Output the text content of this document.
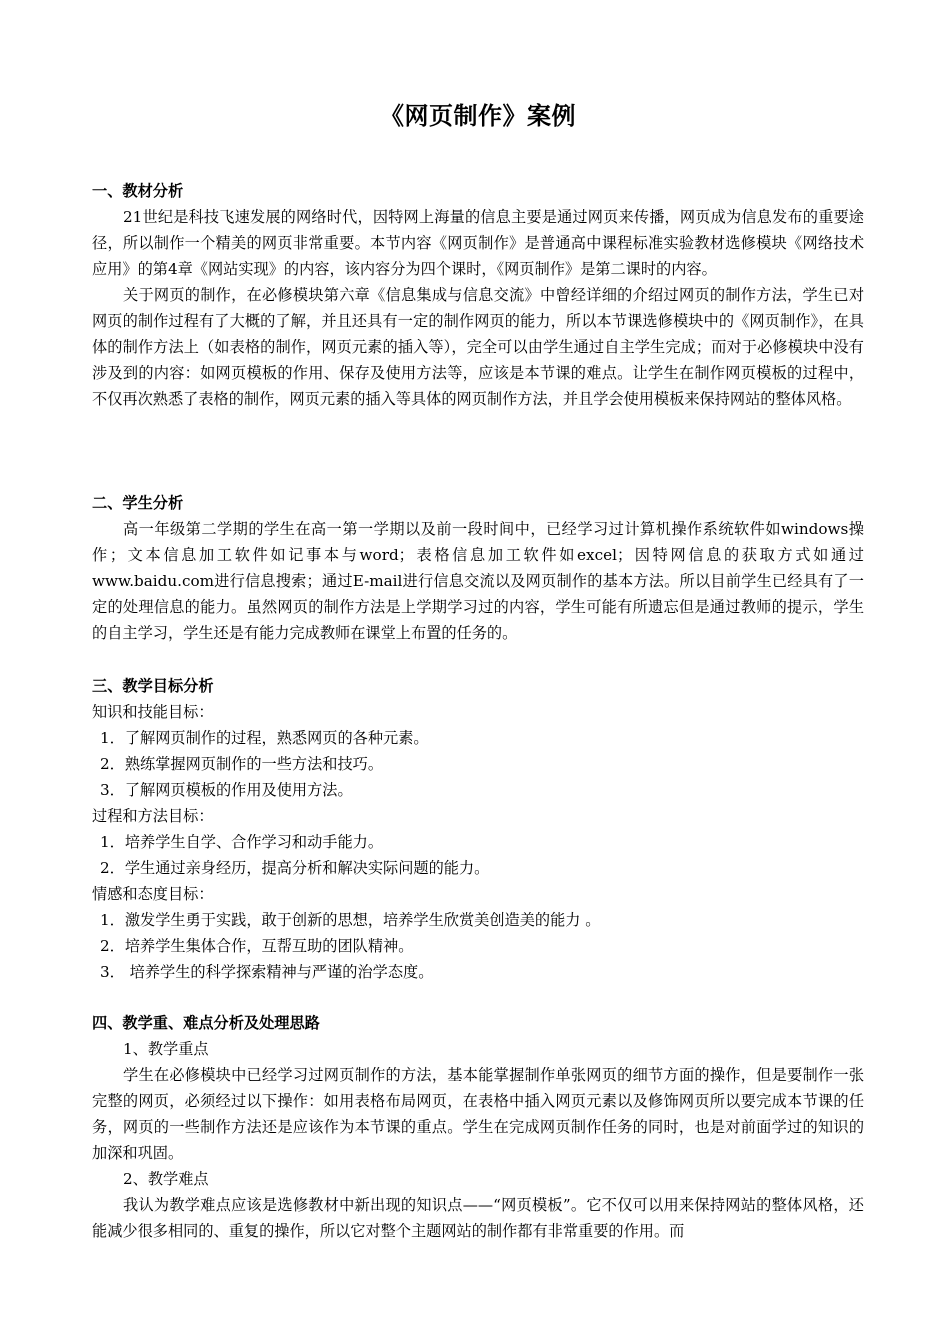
《网页制作》案例

一、教材分析

21世纪是科技飞速发展的网络时代，因特网上海量的信息主要是通过网页来传播，网页成为信息发布的重要途径，所以制作一个精美的网页非常重要。本节内容《网页制作》是普通高中课程标准实验教材选修模块《网络技术应用》的第4章《网站实现》的内容，该内容分为四个课时，《网页制作》是第二课时的内容。

关于网页的制作，在必修模块第六章《信息集成与信息交流》中曾经详细的介绍过网页的制作方法，学生已对网页的制作过程有了大概的了解，并且还具有一定的制作网页的能力，所以本节课选修模块中的《网页制作》，在具体的制作方法上（如表格的制作，网页元素的插入等），完全可以由学生通过自主学生完成；而对于必修模块中没有涉及到的内容：如网页模板的作用、保存及使用方法等，应该是本节课的难点。让学生在制作网页模板的过程中，不仅再次熟悉了表格的制作，网页元素的插入等具体的网页制作方法，并且学会使用模板来保持网站的整体风格。

二、学生分析

高一年级第二学期的学生在高一第一学期以及前一段时间中，已经学习过计算机操作系统软件如windows操作；文本信息加工软件如记事本与word；表格信息加工软件如excel；因特网信息的获取方式如通过www.baidu.com进行信息搜索；通过E-mail进行信息交流以及网页制作的基本方法。所以目前学生已经具有了一定的处理信息的能力。虽然网页的制作方法是上学期学习过的内容，学生可能有所遗忘但是通过教师的提示，学生的自主学习，学生还是有能力完成教师在课堂上布置的任务的。

三、教学目标分析

知识和技能目标：

1．了解网页制作的过程，熟悉网页的各种元素。

2．熟练掌握网页制作的一些方法和技巧。

3．了解网页模板的作用及使用方法。

过程和方法目标：

1．培养学生自学、合作学习和动手能力。

2．学生通过亲身经历，提高分析和解决实际问题的能力。

情感和态度目标：

1．激发学生勇于实践，敢于创新的思想，培养学生欣赏美创造美的能力 。

2．培养学生集体合作，互帮互助的团队精神。

3． 培养学生的科学探索精神与严谨的治学态度。

四、教学重、难点分析及处理思路

1、教学重点

学生在必修模块中已经学习过网页制作的方法，基本能掌握制作单张网页的细节方面的操作，但是要制作一张完整的网页，必须经过以下操作：如用表格布局网页，在表格中插入网页元素以及修饰网页所以要完成本节课的任务，网页的一些制作方法还是应该作为本节课的重点。学生在完成网页制作任务的同时，也是对前面学过的知识的加深和巩固。

2、教学难点

我认为教学难点应该是选修教材中新出现的知识点——“网页模板”。它不仅可以用来保持网站的整体风格，还能减少很多相同的、重复的操作，所以它对整个主题网站的制作都有非常重要的作用。而
